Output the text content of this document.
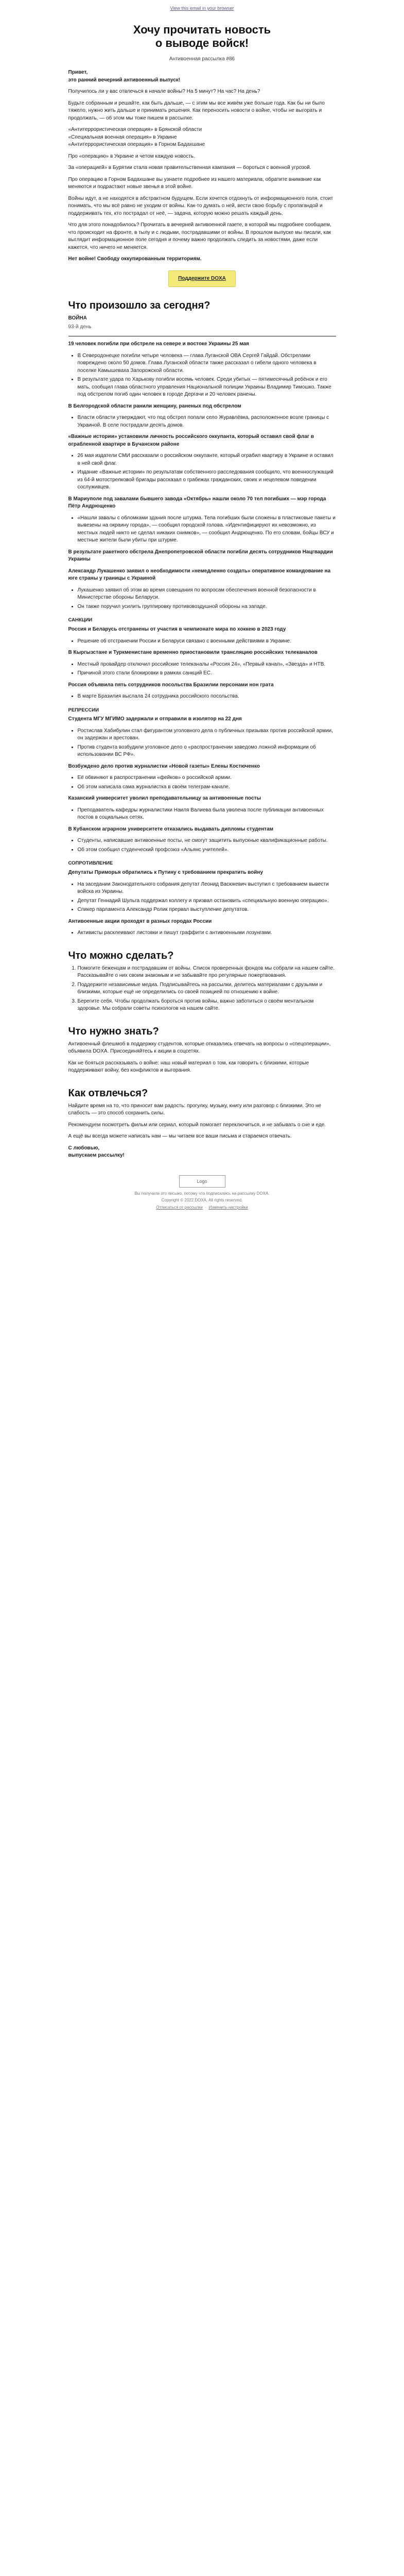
View this email in your browser
Хочу прочитать новость
о выводе войск!
Антивоенная рассылка #86

Привет,
это ранний вечерний антивоенный выпуск!

Получилось ли у вас отвлечься в начале войны? На 5 минут? На час? На день?

Будьте собранным и решайте, как быть дальше, — с этим мы все живём уже больше года. Как бы ни было тяжело, нужно жить дальше и принимать решения. Как переносить новости о войне, чтобы не выгорать и продолжать, — об этом мы тоже пишем в рассылке.

«Антитеррористическая операция» в Брянской области
«Специальная военная операция» в Украине
«Антитеррористическая операция» в Горном Бадахшане

Про «операцию» в Украине и четом каждую новость.

За «операцией» в Бурятии стала новая правительственная кампания — бороться с военной угрозой.

Про операцию в Горном Бадахшане вы узнаете подробнее из нашего материала, обратите внимание как меняются и подрастают новые звенья в этой войне.

Войны идут, а не находятся в абстрактном будущем. Если хочется отдохнуть от информационного поля, стоит понимать, что мы всё равно не уходим от войны. Как-то думать о ней, вести свою борьбу с пропагандой и поддерживать тех, кто пострадал от неё, — задача, которую можно решать каждый день.

Что для этого понадобилось? Прочитать в вечерней антивоенной газете, в которой мы подробнее сообщаем, что происходит на фронте, в тылу и с людьми, пострадавшими от войны. В прошлом выпуске мы писали, как выглядит информационное поле сегодня и почему важно продолжать следить за новостями, даже если кажется, что ничего не меняется.

Нет войне! Свободу оккупированным территориям.

Поддержите DOXA
Что произошло за сегодня?
ВОЙНА
93-й день

19 человек погибли при обстреле на севере и востоке Украины 25 мая

• В Северодонецке погибли четыре человека — глава Луганской ОВА Сергей Гайдай. Обстрелами повреждено около 50 домов. Глава Луганской области также рассказал о гибели одного человека в поселке Камышеваха Запорожской области.
• В результате удара по Харькову погибли восемь человек. Среди убитых — пятимесячный ребёнок и его мать, сообщил глава областного управления Национальной полиции Украины Владимир Тимошко. Также под обстрелом погиб один человек в городе Дергачи и 20 человек ранены.

В Белгородской области ранили женщину, раненых под обстрелом

• Власти области утверждают, что под обстрел попали село Журавлёвка, расположенное возле границы с Украиной. В селе пострадали десять домов.

«Важные истории» установили личность российского оккупанта, который оставил свой флаг в ограбленной квартире в Бучанском районе

• 26 мая издатели СМИ рассказали о российском оккупанте, который ограбил квартиру в Украине и оставил в ней свой флаг.
• Издание «Важные истории» по результатам собственного расследования сообщило, что военнослужащий из 64-й мотострелковой бригады рассказал о грабежах гражданских, своих и нецелевом поведении сослуживцев.

В Мариуполе под завалами бывшего завода «Октябрь» нашли около 70 тел погибших — мэр города Пётр Андрющенко

• «Нашли завалы с обломками здания после штурма. Тела погибших были сложены в пластиковые пакеты и вывезены на окраину города», — сообщил городской голова. «Идентифицируют их невозможно, из местных людей никто не сделал никаких снимков», — сообщил Андрющенко. По его словам, бойцы ВСУ и местные жители были убиты при штурме.

В результате ракетного обстрела Днепропетровской области погибли десять сотрудников Нацгвардии Украины

Александр Лукашенко заявил о необходимости «немедленно создать» оперативное командование на юге страны у границы с Украиной

• Лукашенко заявил об этом во время совещания по вопросам обеспечения военной безопасности в Министерстве обороны Беларуси.
• Он также поручил усилить группировку противовоздушной обороны на западе.
САНКЦИИ

Россия и Беларусь отстранены от участия в чемпионате мира по хоккею в 2023 году

• Решение об отстранении России и Беларуси связано с военными действиями в Украине.

В Кыргызстане и Туркменистане временно приостановили трансляцию российских телеканалов

• Местный провайдер отключил российские телеканалы «Россия 24», «Первый канал», «Звезда» и НТВ.
• Причиной этого стали блокировки в рамках санкций ЕС.

Россия объявила пять сотрудников посольства Бразилии персонами нон грата

• В марте Бразилия выслала 24 сотрудника российского посольства.
РЕПРЕССИИ

Студента МГУ МГИМО задержали и отправили в изолятор на 22 дня

• Ростислав Хабибулин стал фигурантом уголовного дела о публичных призывах против российской армии, он задержан и арестован.
• Против студента возбудили уголовное дело о «распространении заведомо ложной информации об использовании ВС РФ».

Возбуждено дело против журналистки «Новой газеты» Елены Костюченко

• Её обвиняют в распространении «фейков» о российской армии.
• Об этом написала сама журналистка в своём телеграм-канале.

Казанский университет уволил преподавательницу за антивоенные посты

• Преподаватель кафедры журналистики Наиля Валиева была уволена после публикации антивоенных постов в социальных сетях.

В Кубанском аграрном университете отказались выдавать дипломы студентам

• Студенты, написавшие антивоенные посты, не смогут защитить выпускные квалификационные работы.
• Об этом сообщил студенческий профсоюз «Альянс учителей».
СОПРОТИВЛЕНИЕ

Депутаты Приморья обратились к Путину с требованием прекратить войну

• На заседании Законодательного собрания депутат Леонид Васюкевич выступил с требованием вывести войска из Украины.
• Депутат Геннадий Шульга поддержал коллегу и призвал остановить «специальную военную операцию».
• Спикер парламента Александр Ролик прервал выступление депутатов.

Антивоенные акции проходят в разных городах России

• Активисты расклеивают листовки и пишут граффити с антивоенными лозунгами.
Что можно сделать?
1. Помогите беженцам и пострадавшим от войны. Список проверенных фондов мы собрали на нашем сайте. Рассказывайте о них своим знакомым и не забывайте про регулярные пожертвования.
2. Поддержите независимые медиа. Подписывайтесь на рассылки, делитесь материалами с друзьями и близкими, которые ещё не определились со своей позицией по отношению к войне.
3. Берегите себя. Чтобы продолжать бороться против войны, важно заботиться о своём ментальном здоровье. Мы собрали советы психологов на нашем сайте.
Что нужно знать?

Антивоенный флешмоб в поддержку студентов, которые отказались отвечать на вопросы о «спецоперации», объявила DOXA. Присоединяйтесь к акции в соцсетях.

Как не бояться рассказывать о войне: наш новый материал о том, как говорить с близкими, которые поддерживают войну, без конфликтов и выгорания.

Как отвлечься?

Найдите время на то, что приносит вам радость: прогулку, музыку, книгу или разговор с близкими. Это не слабость — это способ сохранить силы.

Рекомендуем посмотреть фильм или сериал, который помогает переключиться, и не забывать о сне и еде.

А ещё вы всегда можете написать нам — мы читаем все ваши письма и стараемся отвечать.

С любовью,
выпускаем рассылку!

Logo
Вы получили это письмо, потому что подписались на рассылку DOXA.
Copyright © 2022 DOXA, All rights reserved.
Отписаться от рассылки  ·  Изменить настройки
